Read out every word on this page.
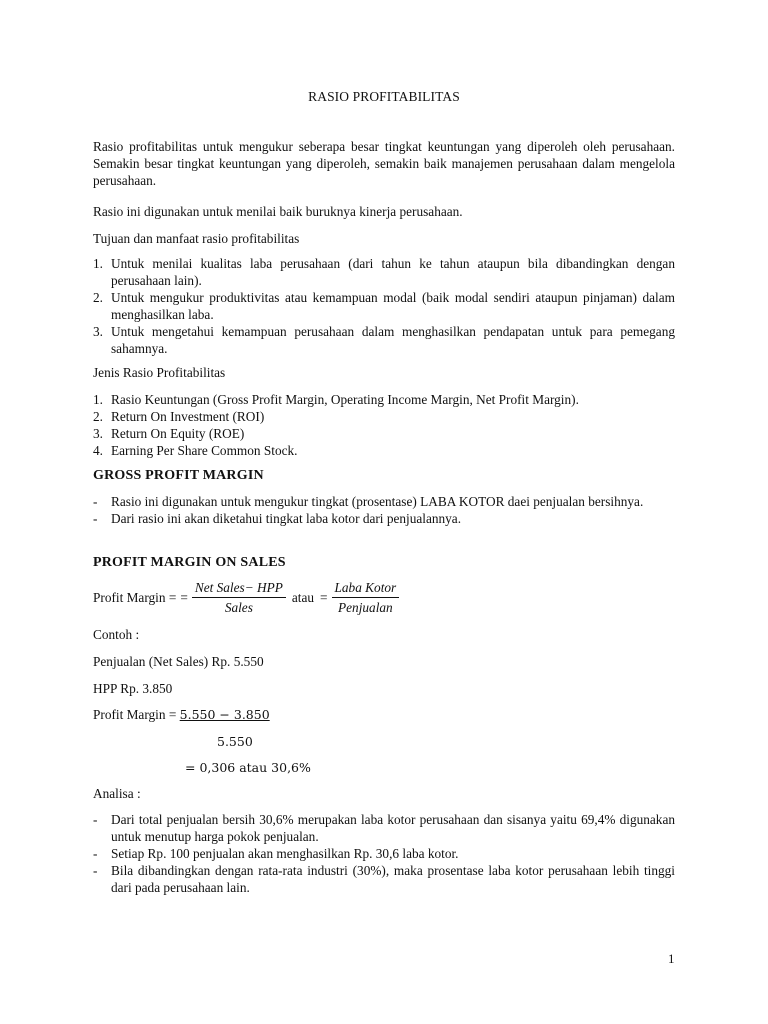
RASIO PROFITABILITAS
Rasio profitabilitas untuk mengukur seberapa besar tingkat keuntungan yang diperoleh oleh perusahaan. Semakin besar tingkat keuntungan yang diperoleh, semakin baik manajemen perusahaan dalam mengelola perusahaan.
Rasio ini digunakan untuk menilai baik buruknya kinerja perusahaan.
Tujuan dan manfaat rasio profitabilitas
1. Untuk menilai kualitas laba perusahaan (dari tahun ke tahun ataupun bila dibandingkan dengan perusahaan lain).
2. Untuk mengukur produktivitas atau kemampuan modal (baik modal sendiri ataupun pinjaman) dalam menghasilkan laba.
3. Untuk mengetahui kemampuan perusahaan dalam menghasilkan pendapatan untuk para pemegang sahamnya.
Jenis Rasio Profitabilitas
1. Rasio Keuntungan (Gross Profit Margin, Operating Income Margin, Net Profit Margin).
2. Return On Investment (ROI)
3. Return On Equity (ROE)
4. Earning Per Share Common Stock.
GROSS PROFIT MARGIN
- Rasio ini digunakan untuk mengukur tingkat (prosentase) LABA KOTOR daei penjualan bersihnya.
- Dari rasio ini akan diketahui tingkat laba kotor dari penjualannya.
PROFIT MARGIN ON SALES
Profit Margin = = $\frac{\text{Net Sales− HPP}}{\text{Sales}}$ atau = $\frac{\text{Laba Kotor}}{\text{Penjualan}}$
Contoh :
Penjualan (Net Sales) Rp. 5.550
HPP Rp. 3.850
Profit Margin = 5.550 − 3.850
5.550
= 0,306 atau 30,6%
Analisa :
- Dari total penjualan bersih 30,6% merupakan laba kotor perusahaan dan sisanya yaitu 69,4% digunakan untuk menutup harga pokok penjualan.
- Setiap Rp. 100 penjualan akan menghasilkan Rp. 30,6 laba kotor.
- Bila dibandingkan dengan rata-rata industri (30%), maka prosentase laba kotor perusahaan lebih tinggi dari pada perusahaan lain.
1
